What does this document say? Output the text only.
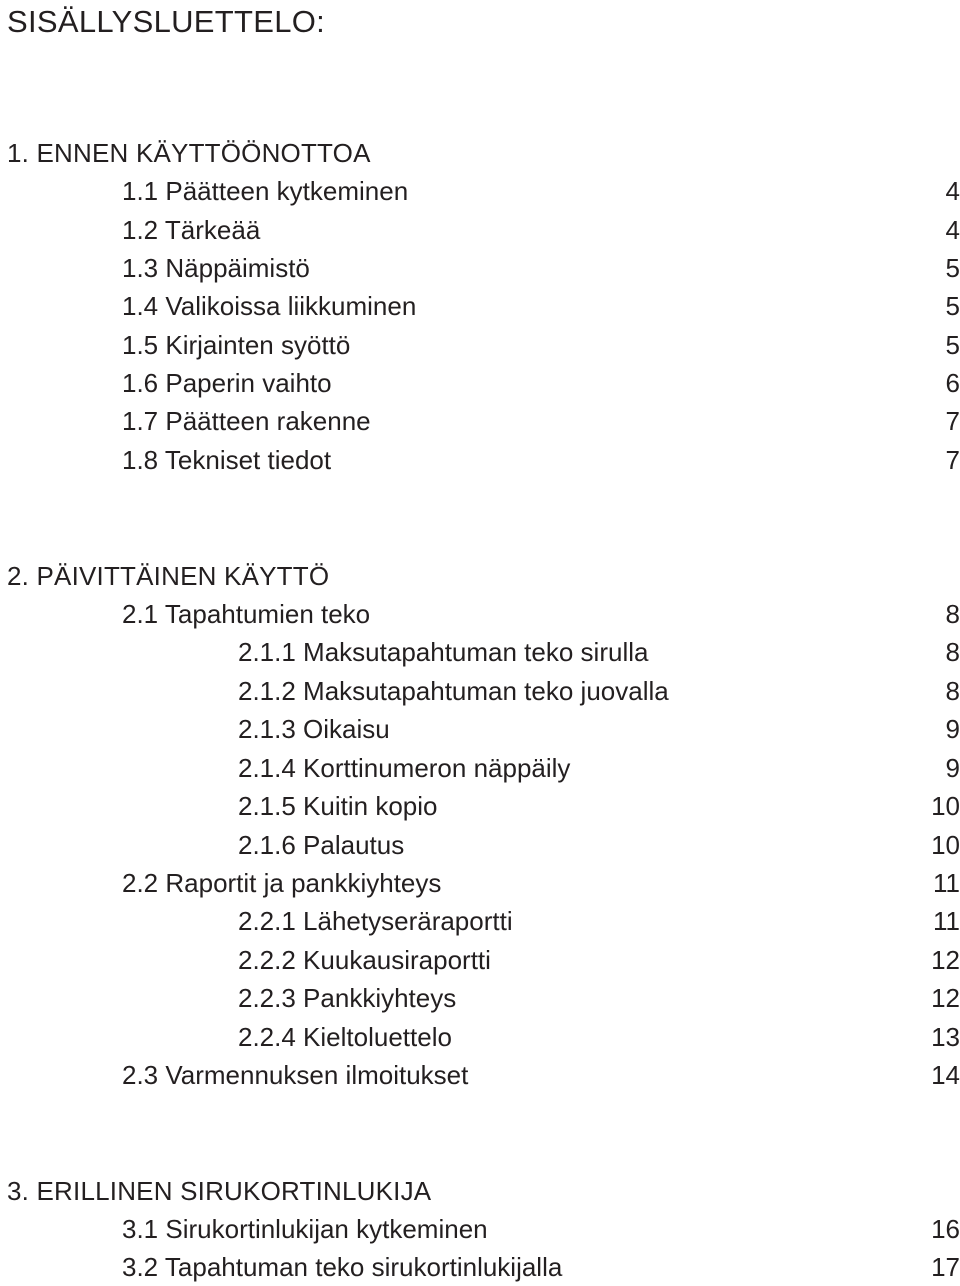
SISÄLLYSLUETTELO:
1. ENNEN KÄYTTÖÖNOTTOA
1.1 Päätteen kytkeminen	4
1.2 Tärkeää	4
1.3 Näppäimistö	5
1.4 Valikoissa liikkuminen	5
1.5 Kirjainten syöttö	5
1.6 Paperin vaihto	6
1.7 Päätteen rakenne	7
1.8 Tekniset tiedot	7
2. PÄIVITTÄINEN KÄYTTÖ
2.1 Tapahtumien teko	8
2.1.1 Maksutapahtuman teko sirulla	8
2.1.2 Maksutapahtuman teko juovalla	8
2.1.3 Oikaisu	9
2.1.4 Korttinumeron näppäily	9
2.1.5 Kuitin kopio	10
2.1.6 Palautus	10
2.2 Raportit ja pankkiyhteys	11
2.2.1 Lähetyseräraportti	11
2.2.2 Kuukausiraportti	12
2.2.3 Pankkiyhteys	12
2.2.4 Kieltoluettelo	13
2.3 Varmennuksen ilmoitukset	14
3. ERILLINEN SIRUKORTINLUKIJA
3.1 Sirukortinlukijan kytkeminen	16
3.2 Tapahtuman teko sirukortinlukijalla	17
